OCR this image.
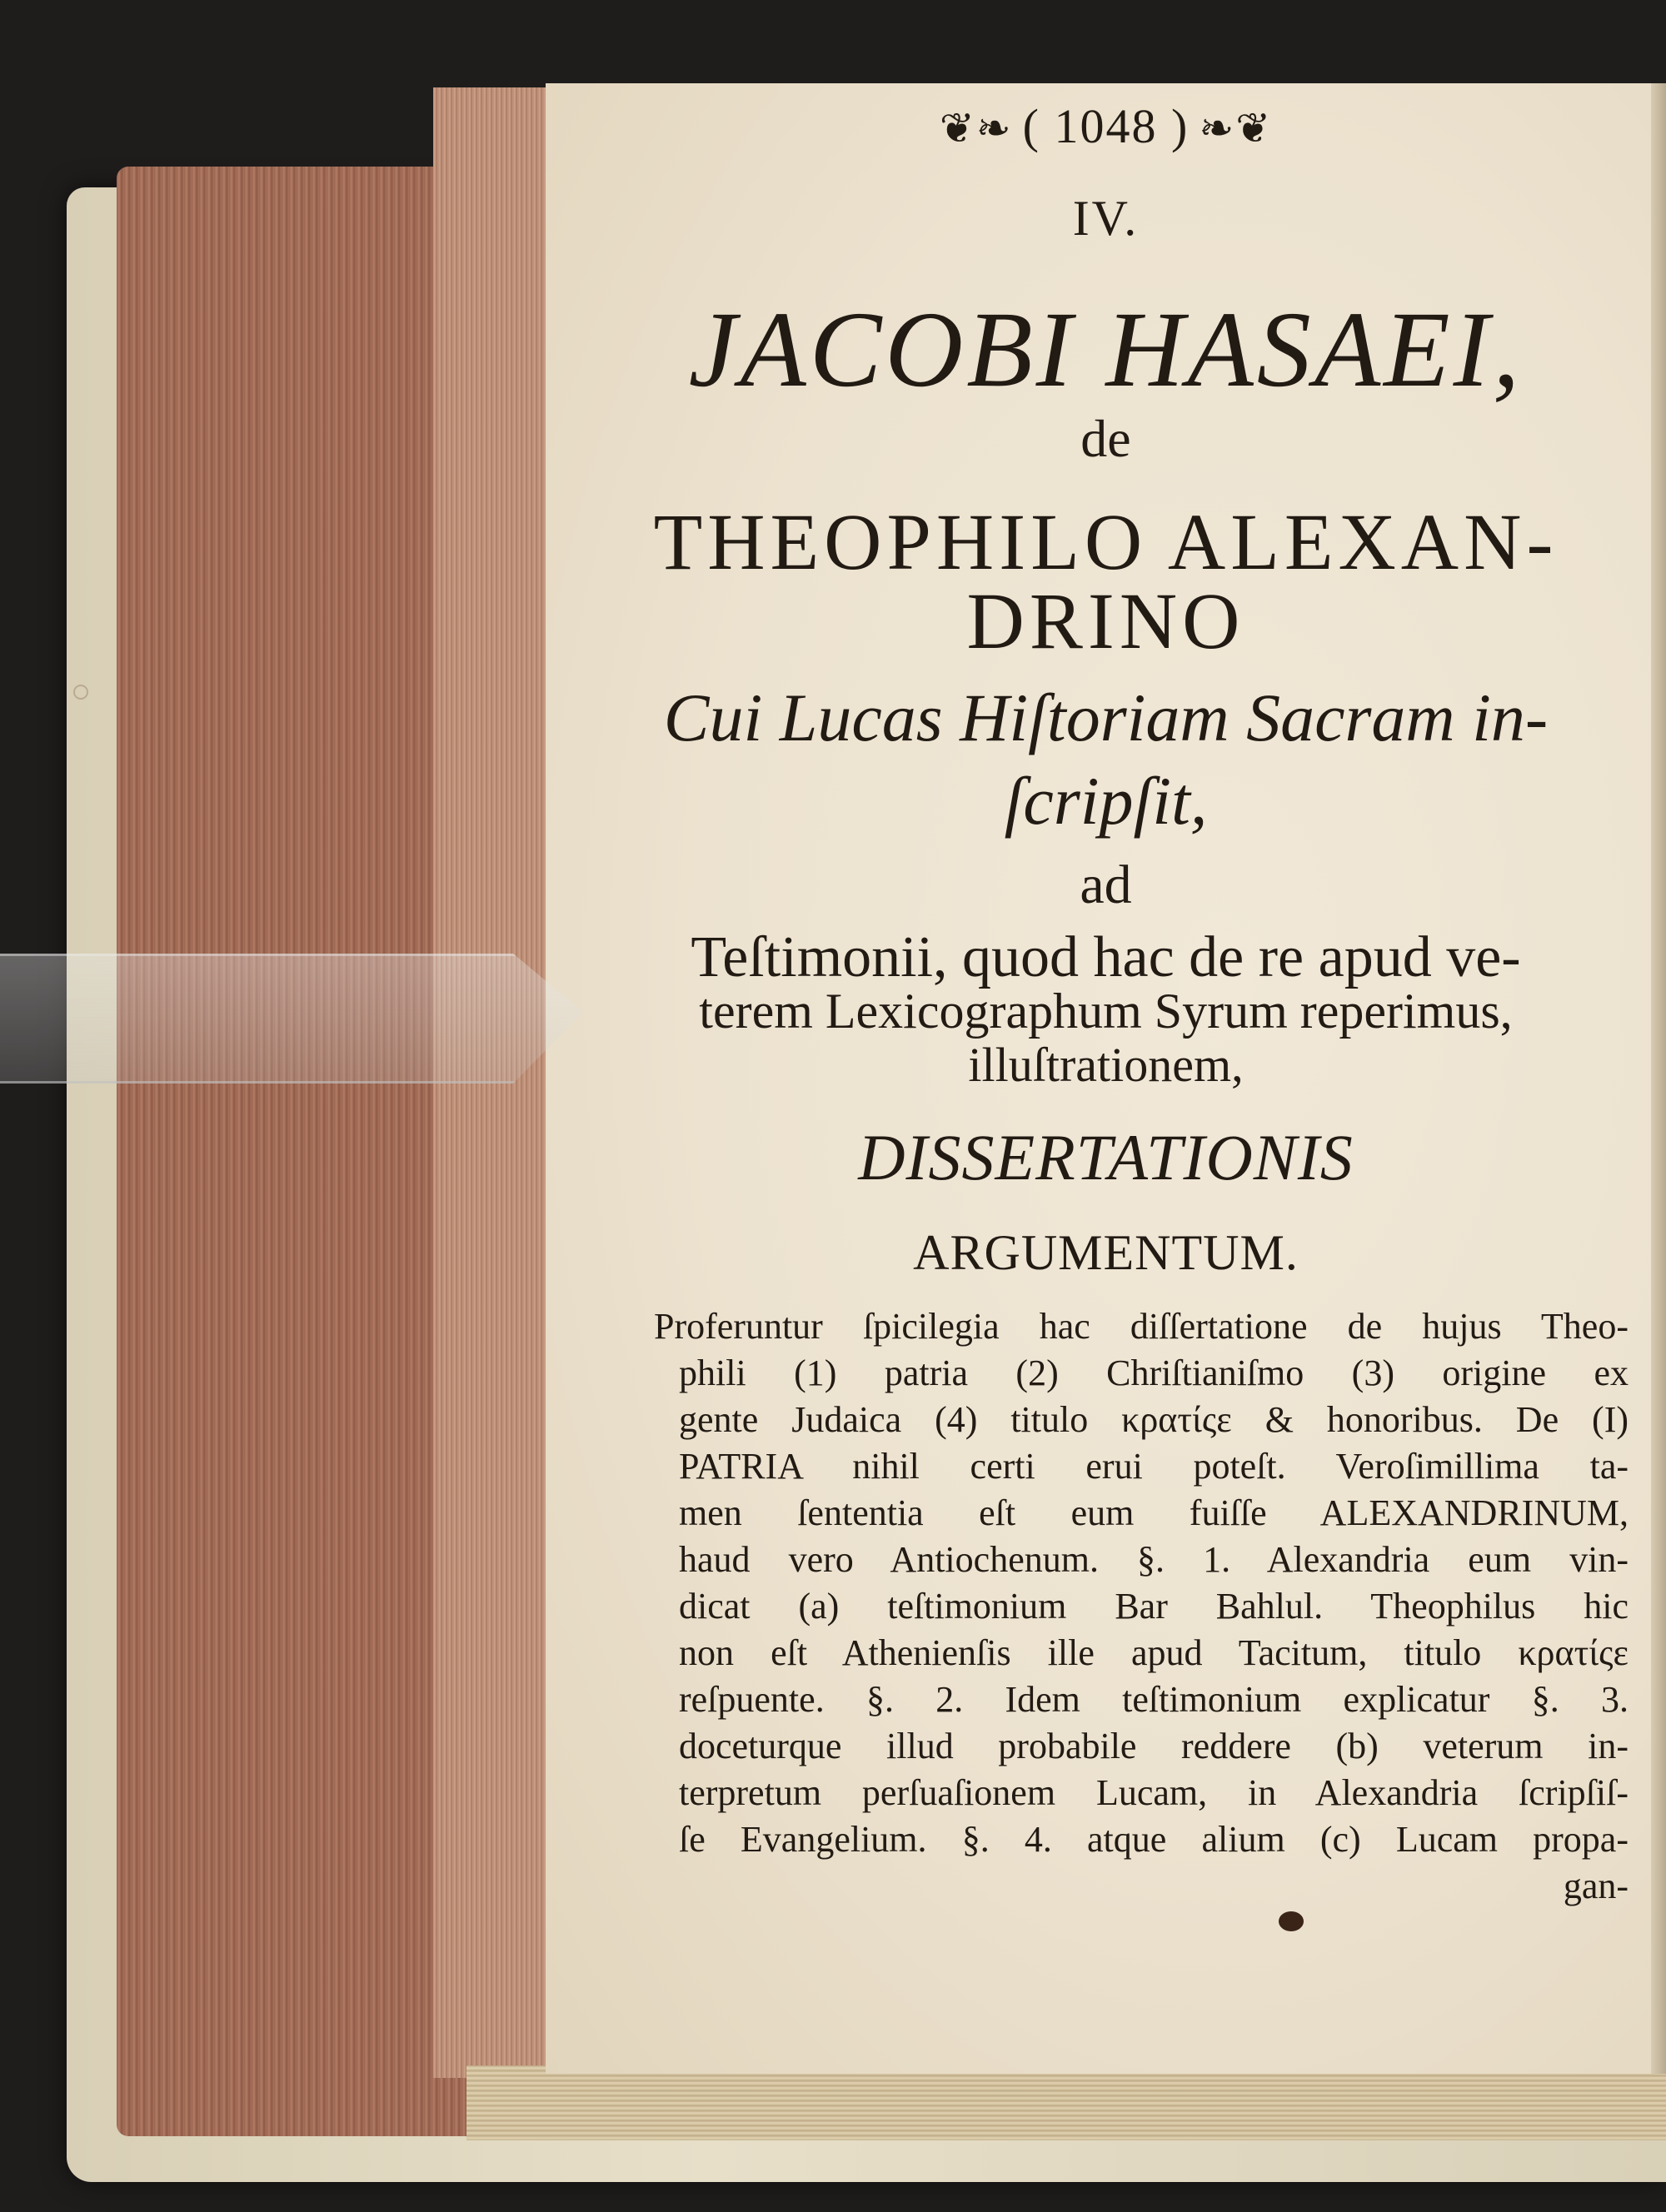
❦❧ ( 1048 ) ❧❦
IV.
JACOBI HASAEI,
de
THEOPHILO ALEXAN-
DRINO
Cui Lucas Hiſtoriam Sacram in-
ſcripſit,
ad
Teſtimonii, quod hac de re apud ve-
terem Lexicographum Syrum reperimus,
illuſtrationem,
DISSERTATIONIS
ARGUMENTUM.
Proferuntur ſpicilegia hac diſſertatione de hujus Theo-
phili (1) patria (2) Chriſtianiſmo (3) origine ex
gente Judaica (4) titulo κρατίςε & honoribus. De (I)
PATRIA nihil certi erui poteſt. Veroſimillima ta-
men ſententia eſt eum fuiſſe ALEXANDRINUM,
haud vero Antiochenum. §. 1. Alexandria eum vin-
dicat (a) teſtimonium Bar Bahlul. Theophilus hic
non eſt Athenienſis ille apud Tacitum, titulo κρατίςε
reſpuente. §. 2. Idem teſtimonium explicatur §. 3.
doceturque illud probabile reddere (b) veterum in-
terpretum perſuaſionem Lucam, in Alexandria ſcripſiſ-
ſe Evangelium. §. 4. atque alium (c) Lucam propa-
gan-
